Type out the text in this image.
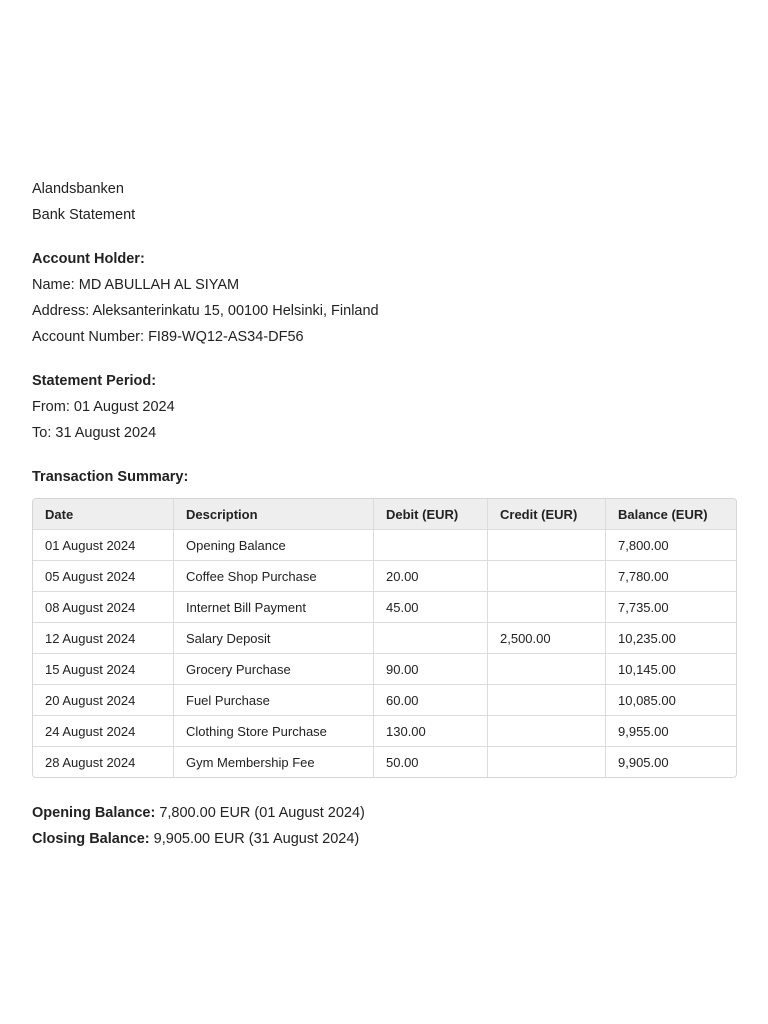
Alandsbanken
Bank Statement
Account Holder:
Name: MD ABULLAH AL SIYAM
Address: Aleksanterinkatu 15, 00100 Helsinki, Finland
Account Number: FI89-WQ12-AS34-DF56
Statement Period:
From: 01 August 2024
To: 31 August 2024
Transaction Summary:
Date	Description	Debit (EUR)	Credit (EUR)	Balance (EUR)
01 August 2024	Opening Balance			7,800.00
05 August 2024	Coffee Shop Purchase	20.00		7,780.00
08 August 2024	Internet Bill Payment	45.00		7,735.00
12 August 2024	Salary Deposit		2,500.00	10,235.00
15 August 2024	Grocery Purchase	90.00		10,145.00
20 August 2024	Fuel Purchase	60.00		10,085.00
24 August 2024	Clothing Store Purchase	130.00		9,955.00
28 August 2024	Gym Membership Fee	50.00		9,905.00
Opening Balance: 7,800.00 EUR (01 August 2024)
Closing Balance: 9,905.00 EUR (31 August 2024)
